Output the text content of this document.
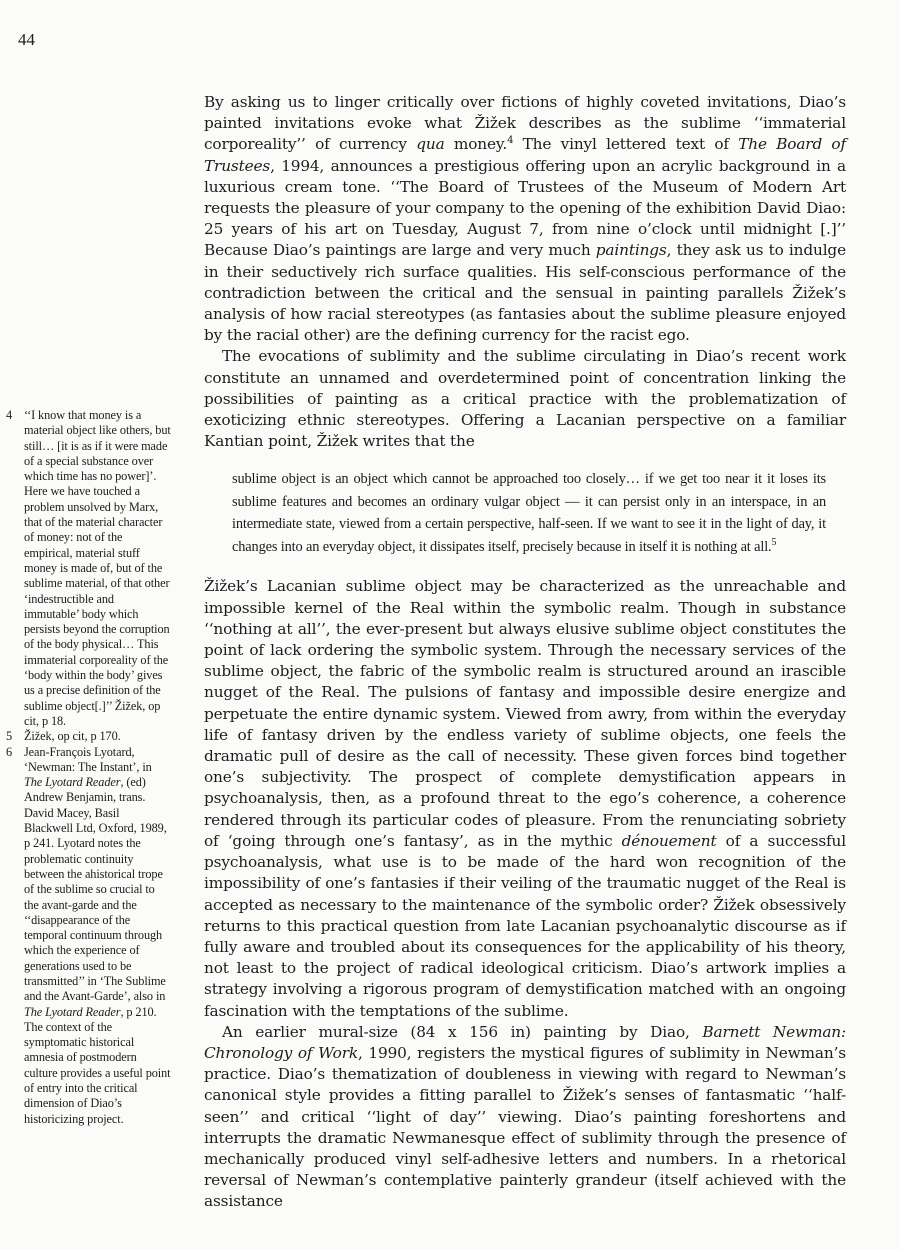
44

By asking us to linger critically over fictions of highly coveted invitations, Diao’s painted invitations evoke what Žižek describes as the sublime ‘‘immaterial corporeality’’ of currency qua money.$^4$ The vinyl lettered text of The Board of Trustees, 1994, announces a prestigious offering upon an acrylic background in a luxurious cream tone. ‘‘The Board of Trustees of the Museum of Modern Art requests the pleasure of your company to the opening of the exhibition David Diao: 25 years of his art on Tuesday, August 7, from nine o’clock until midnight [.]’’ Because Diao’s paintings are large and very much paintings, they ask us to indulge in their seductively rich surface qualities. His self-conscious performance of the contradiction between the critical and the sensual in painting parallels Žižek’s analysis of how racial stereotypes (as fantasies about the sublime pleasure enjoyed by the racial other) are the defining currency for the racist ego.

The evocations of sublimity and the sublime circulating in Diao’s recent work constitute an unnamed and overdetermined point of concentration linking the possibilities of painting as a critical practice with the problematization of exoticizing ethnic stereotypes. Offering a Lacanian perspective on a familiar Kantian point, Žižek writes that the

sublime object is an object which cannot be approached too closely… if we get too near it it loses its sublime features and becomes an ordinary vulgar object — it can persist only in an interspace, in an intermediate state, viewed from a certain perspective, half-seen. If we want to see it in the light of day, it changes into an everyday object, it dissipates itself, precisely because in itself it is nothing at all.$^5$

Žižek’s Lacanian sublime object may be characterized as the unreachable and impossible kernel of the Real within the symbolic realm. Though in substance ‘‘nothing at all’’, the ever-present but always elusive sublime object constitutes the point of lack ordering the symbolic system. Through the necessary services of the sublime object, the fabric of the symbolic realm is structured around an irascible nugget of the Real. The pulsions of fantasy and impossible desire energize and perpetuate the entire dynamic system. Viewed from awry, from within the everyday life of fantasy driven by the endless variety of sublime objects, one feels the dramatic pull of desire as the call of necessity. These given forces bind together one’s subjectivity. The prospect of complete demystification appears in psychoanalysis, then, as a profound threat to the ego’s coherence, a coherence rendered through its particular codes of pleasure. From the renunciating sobriety of ‘going through one’s fantasy’, as in the mythic dénouement of a successful psychoanalysis, what use is to be made of the hard won recognition of the impossibility of one’s fantasies if their veiling of the traumatic nugget of the Real is accepted as necessary to the maintenance of the symbolic order? Žižek obsessively returns to this practical question from late Lacanian psychoanalytic discourse as if fully aware and troubled about its consequences for the applicability of his theory, not least to the project of radical ideological criticism. Diao’s artwork implies a strategy involving a rigorous program of demystification matched with an ongoing fascination with the temptations of the sublime.

An earlier mural-size (84 x 156 in) painting by Diao, Barnett Newman: Chronology of Work, 1990, registers the mystical figures of sublimity in Newman’s practice. Diao’s thematization of doubleness in viewing with regard to Newman’s canonical style provides a fitting parallel to Žižek’s senses of fantasmatic ‘‘half-seen’’ and critical ‘‘light of day’’ viewing. Diao’s painting foreshortens and interrupts the dramatic Newmanesque effect of sublimity through the presence of mechanically produced vinyl self-adhesive letters and numbers. In a rhetorical reversal of Newman’s contemplative painterly grandeur (itself achieved with the assistance

4 ‘‘I know that money is a material object like others, but still… [it is as if it were made of a special substance over which time has no power]’. Here we have touched a problem unsolved by Marx, that of the material character of money: not of the empirical, material stuff money is made of, but of the sublime material, of that other ‘indestructible and immutable’ body which persists beyond the corruption of the body physical… This immaterial corporeality of the ‘body within the body’ gives us a precise definition of the sublime object[.]’’ Žižek, op cit, p 18.

5 Žižek, op cit, p 170.

6 Jean-François Lyotard, ‘Newman: The Instant’, in The Lyotard Reader, (ed) Andrew Benjamin, trans. David Macey, Basil Blackwell Ltd, Oxford, 1989, p 241. Lyotard notes the problematic continuity between the ahistorical trope of the sublime so crucial to the avant-garde and the ‘‘disappearance of the temporal continuum through which the experience of generations used to be transmitted’’ in ‘The Sublime and the Avant-Garde’, also in The Lyotard Reader, p 210. The context of the symptomatic historical amnesia of postmodern culture provides a useful point of entry into the critical dimension of Diao’s historicizing project.
